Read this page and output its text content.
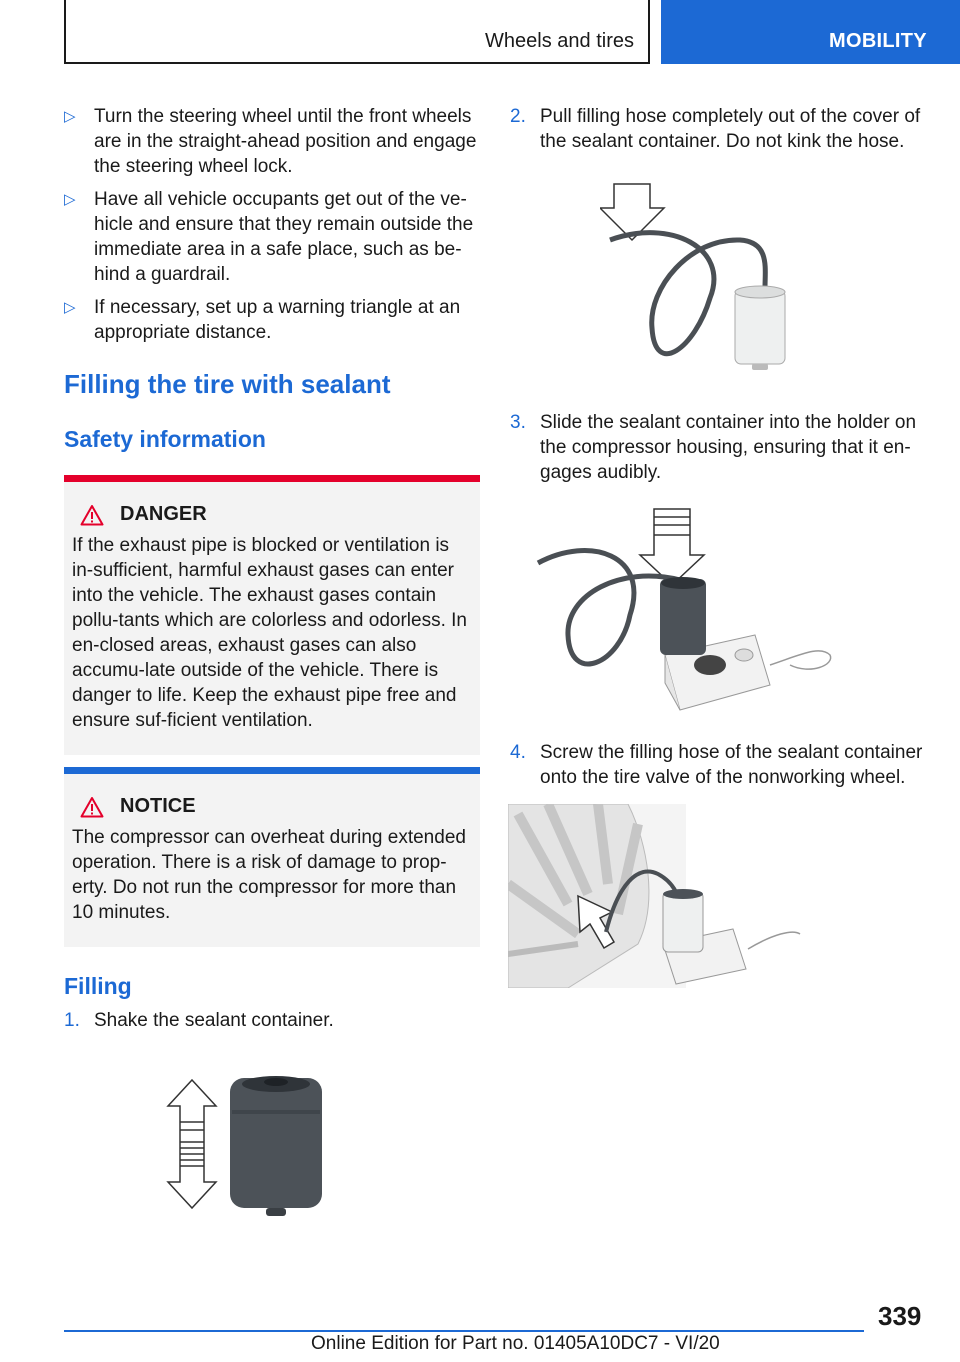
Wheels and tires	MOBILITY
▷ Turn the steering wheel until the front wheels are in the straight-ahead position and engage the steering wheel lock.
▷ Have all vehicle occupants get out of the ve‐hicle and ensure that they remain outside the immediate area in a safe place, such as be‐hind a guardrail.
▷ If necessary, set up a warning triangle at an appropriate distance.
Filling the tire with sealant
Safety information
DANGER
If the exhaust pipe is blocked or ventilation is in‐sufficient, harmful exhaust gases can enter into the vehicle. The exhaust gases contain pollu‐tants which are colorless and odorless. In en‐closed areas, exhaust gases can also accumu‐late outside of the vehicle. There is danger to life. Keep the exhaust pipe free and ensure suf‐ficient ventilation.
NOTICE
The compressor can overheat during extended operation. There is a risk of damage to prop‐erty. Do not run the compressor for more than 10 minutes.
Filling
1. Shake the sealant container.
2. Pull filling hose completely out of the cover of the sealant container. Do not kink the hose.
3. Slide the sealant container into the holder on the compressor housing, ensuring that it en‐gages audibly.
4. Screw the filling hose of the sealant container onto the tire valve of the nonworking wheel.
339
Online Edition for Part no. 01405A10DC7 - VI/20
